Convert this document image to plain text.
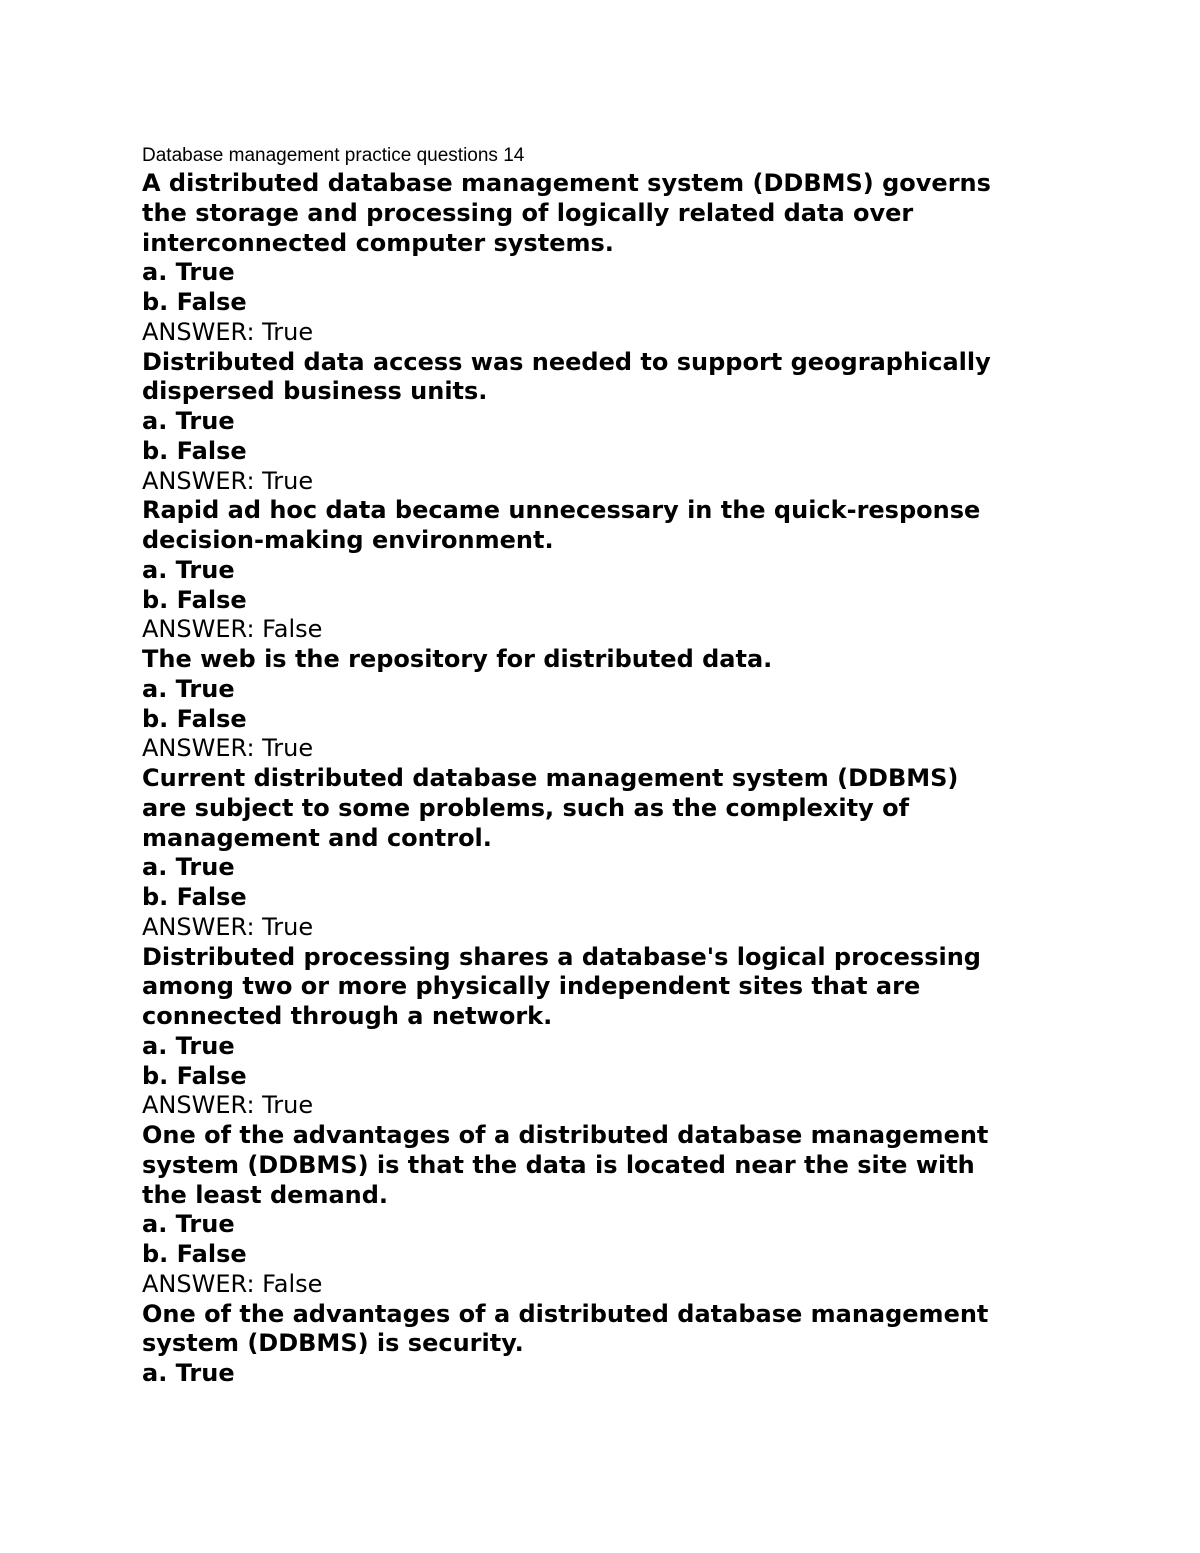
Database management practice questions 14
A distributed database management system (DDBMS) governs
the storage and processing of logically related data over
interconnected computer systems.
a. True
b. False
ANSWER: True
Distributed data access was needed to support geographically
dispersed business units.
a. True
b. False
ANSWER: True
Rapid ad hoc data became unnecessary in the quick-response
decision-making environment.
a. True
b. False
ANSWER: False
The web is the repository for distributed data.
a. True
b. False
ANSWER: True
Current distributed database management system (DDBMS)
are subject to some problems, such as the complexity of
management and control.
a. True
b. False
ANSWER: True
Distributed processing shares a database's logical processing
among two or more physically independent sites that are
connected through a network.
a. True
b. False
ANSWER: True
One of the advantages of a distributed database management
system (DDBMS) is that the data is located near the site with
the least demand.
a. True
b. False
ANSWER: False
One of the advantages of a distributed database management
system (DDBMS) is security.
a. True
